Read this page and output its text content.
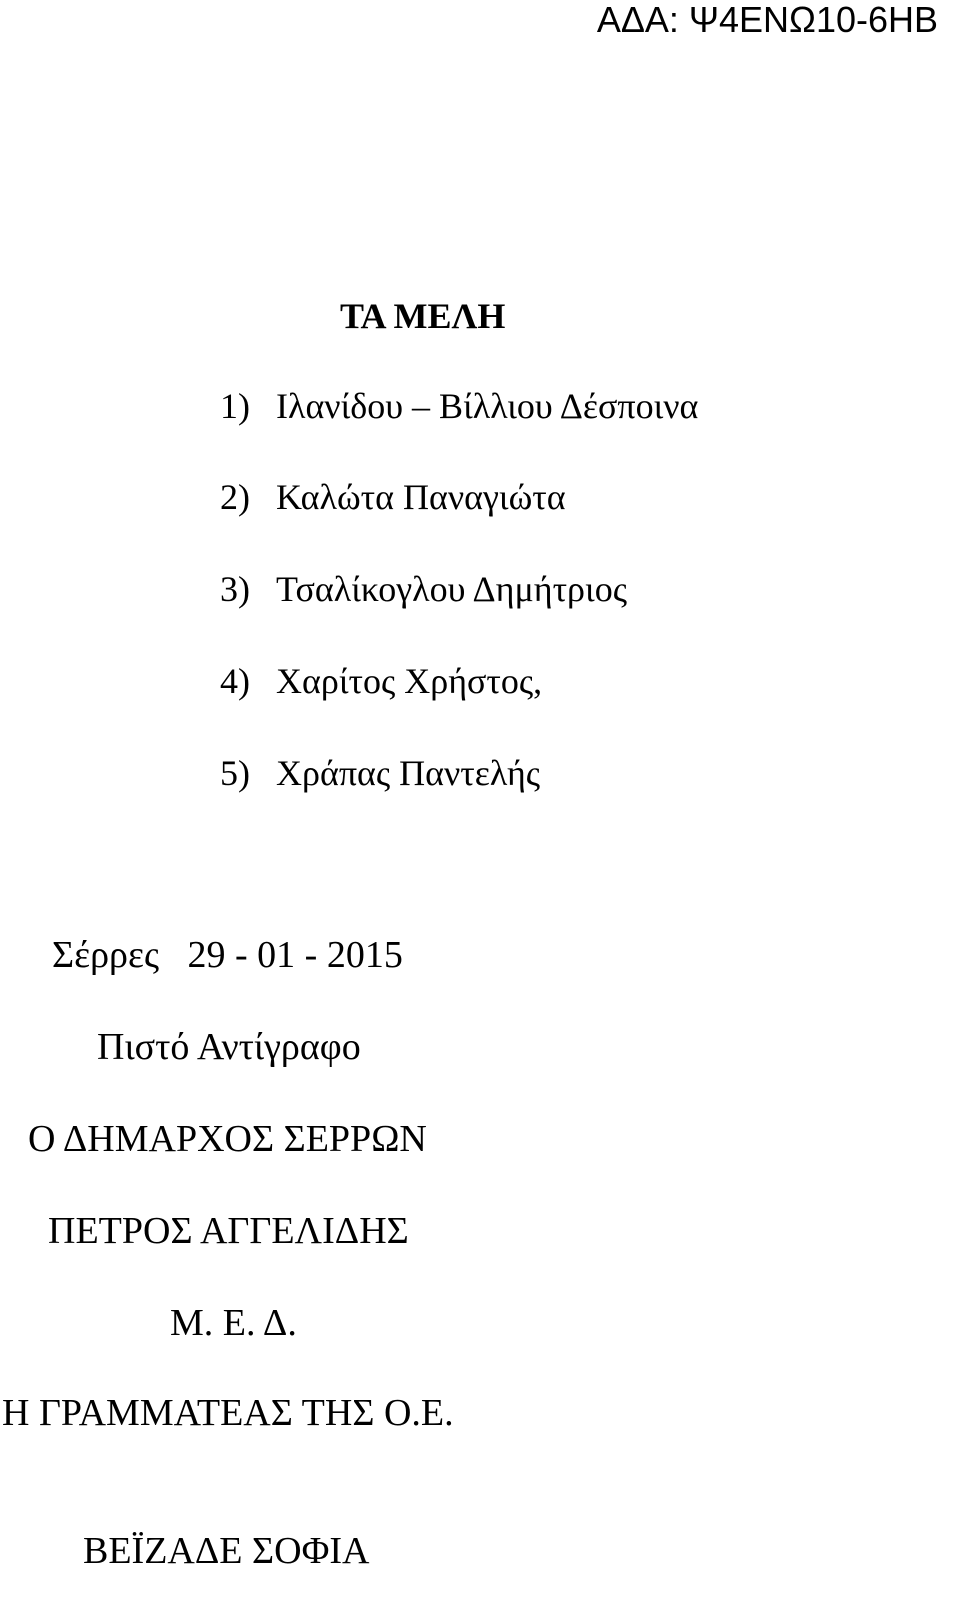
ΑΔΑ: Ψ4ΕΝΩ10-6ΗΒ
ΤΑ ΜΕΛΗ
1) Ιλανίδου – Βίλλιου Δέσποινα
2) Καλώτα Παναγιώτα
3) Τσαλίκογλου Δημήτριος
4) Χαρίτος Χρήστος,
5) Χράπας Παντελής
Σέρρες   29 - 01 - 2015
Πιστό Αντίγραφο
Ο ΔΗΜΑΡΧΟΣ ΣΕΡΡΩΝ
ΠΕΤΡΟΣ ΑΓΓΕΛΙΔΗΣ
Μ. Ε. Δ.
Η ΓΡΑΜΜΑΤΕΑΣ ΤΗΣ Ο.Ε.
ΒΕΪΖΑΔΕ ΣΟΦΙΑ
